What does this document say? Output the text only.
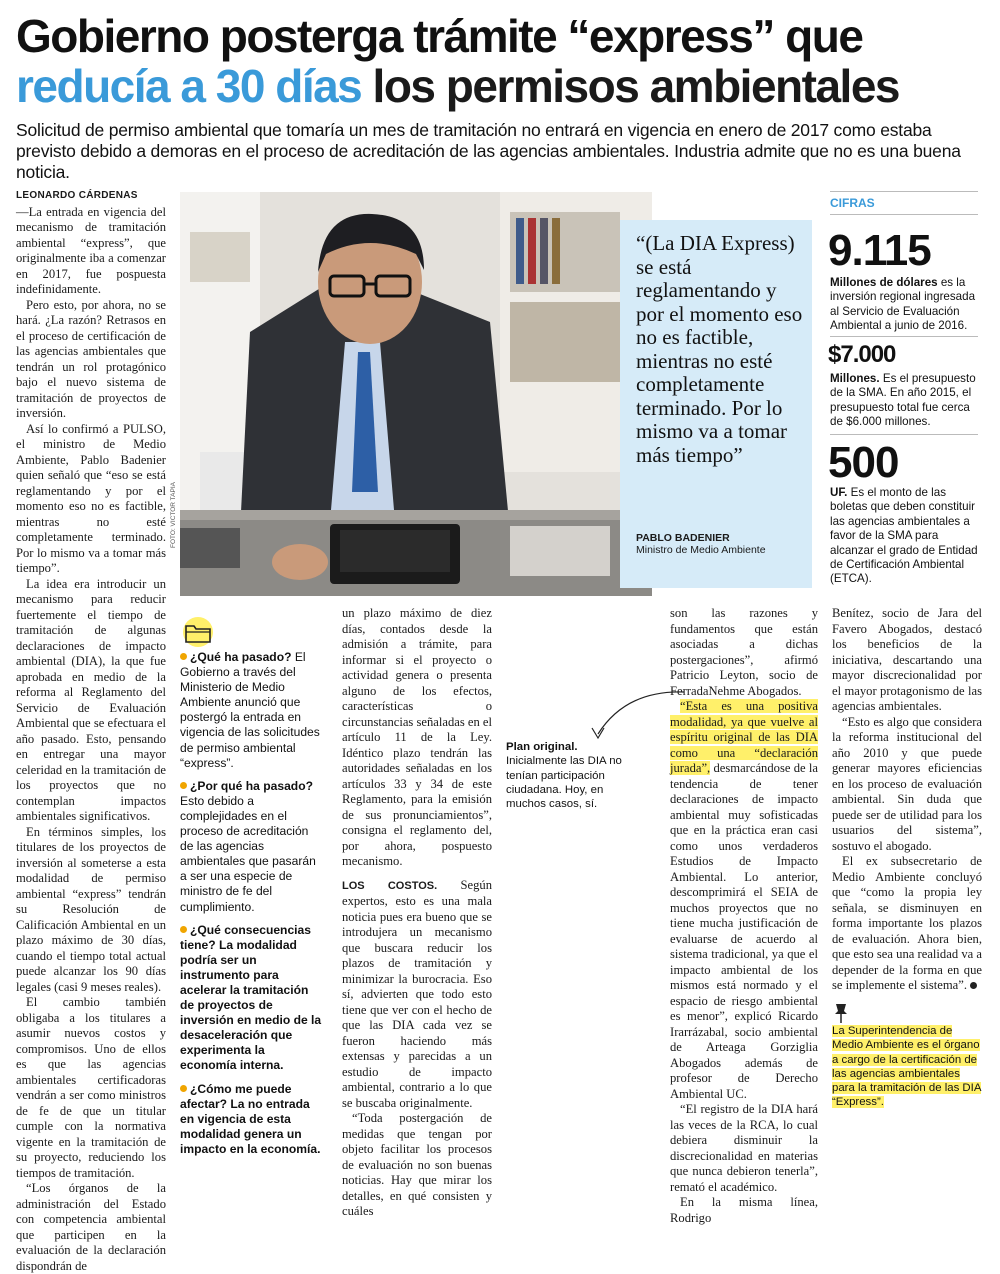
Gobierno posterga trámite “express” que
reducía a 30 días los permisos ambientales
Solicitud de permiso ambiental que tomaría un mes de tramitación no entrará en vigencia en enero de 2017 como estaba previsto debido a demoras en el proceso de acreditación de las agencias ambientales. Industria admite que no es una buena noticia.
LEONARDO CÁRDENAS

—La entrada en vigencia del mecanismo de tramitación ambiental “express”, que originalmente iba a comenzar en 2017, fue pospuesta indefinidamente.

Pero esto, por ahora, no se hará. ¿La razón? Retrasos en el proceso de certificación de las agencias ambientales que tendrán un rol protagónico bajo el nuevo sistema de tramitación de proyectos de inversión.

Así lo confirmó a PULSO, el ministro de Medio Ambiente, Pablo Badenier quien señaló que “eso se está reglamentando y por el momento eso no es factible, mientras no esté completamente terminado. Por lo mismo va a tomar más tiempo”.

La idea era introducir un mecanismo para reducir fuertemente el tiempo de tramitación de algunas declaraciones de impacto ambiental (DIA), la que fue aprobada en medio de la reforma al Reglamento del Servicio de Evaluación Ambiental que se efectuara el año pasado. Esto, pensando en entregar una mayor celeridad en la tramitación de los proyectos que no contemplan impactos ambientales significativos.

En términos simples, los titulares de los proyectos de inversión al someterse a esta modalidad de permiso ambiental “express” tendrán su Resolución de Calificación Ambiental en un plazo máximo de 30 días, cuando el tiempo total actual puede alcanzar los 90 días legales (casi 9 meses reales).

El cambio también obligaba a los titulares a asumir nuevos costos y compromisos. Uno de ellos es que las agencias ambientales certificadoras vendrán a ser como ministros de fe de que un titular cumple con la normativa vigente en la tramitación de su proyecto, reduciendo los tiempos de tramitación.

“Los órganos de la administración del Estado con competencia ambiental que participen en la evaluación de la declaración dispondrán de

FOTO: VICTOR TAPIA
“(La DIA Express) se está reglamentando y por el momento eso no es factible, mientras no esté completamente terminado. Por lo mismo va a tomar más tiempo”
PABLO BADENIER
Ministro de Medio Ambiente
CIFRAS
9.115
Millones de dólares es la inversión regional ingresada al Servicio de Evaluación Ambiental a junio de 2016.
$7.000
Millones. Es el presupuesto de la SMA. En año 2015, el presupuesto total fue cerca de $6.000 millones.
500
UF. Es el monto de las boletas que deben constituir las agencias ambientales a favor de la SMA para alcanzar el grado de Entidad de Certificación Ambiental (ETCA).
¿Qué ha pasado? El Gobierno a través del Ministerio de Medio Ambiente anunció que postergó la entrada en vigencia de las solicitudes de permiso ambiental “express”.
¿Por qué ha pasado? Esto debido a complejidades en el proceso de acreditación de las agencias ambientales que pasarán a ser una especie de ministro de fe del cumplimiento.
¿Qué consecuencias tiene? La modalidad podría ser un instrumento para acelerar la tramitación de proyectos de inversión en medio de la desaceleración que experimenta la economía interna.
¿Cómo me puede afectar? La no entrada en vigencia de esta modalidad genera un impacto en la economía.

un plazo máximo de diez días, contados desde la admisión a trámite, para informar si el proyecto o actividad genera o presenta alguno de los efectos, características o circunstancias señaladas en el artículo 11 de la Ley. Idéntico plazo tendrán las autoridades señaladas en los artículos 33 y 34 de este Reglamento, para la emisión de sus pronunciamientos”, consigna el reglamento del, por ahora, pospuesto mecanismo.

LOS COSTOS. Según expertos, esto es una mala noticia pues era bueno que se introdujera un mecanismo que buscara reducir los plazos de tramitación y minimizar la burocracia. Eso sí, advierten que todo esto tiene que ver con el hecho de que las DIA cada vez se fueron haciendo más extensas y parecidas a un estudio de impacto ambiental, contrario a lo que se buscaba originalmente.

“Toda postergación de medidas que tengan por objeto facilitar los procesos de evaluación no son buenas noticias. Hay que mirar los detalles, en qué consisten y cuáles

Plan original. Inicialmente las DIA no tenían participación ciudadana. Hoy, en muchos casos, sí.

son las razones y fundamentos que están asociadas a dichas postergaciones”, afirmó Patricio Leyton, socio de FerradaNehme Abogados.

“Esta es una positiva modalidad, ya que vuelve al espíritu original de las DIA como una “declaración jurada”, desmarcándose de la tendencia de tener declaraciones de impacto ambiental muy sofisticadas que en la práctica eran casi como unos verdaderos Estudios de Impacto Ambiental. Lo anterior, descomprimirá el SEIA de muchos proyectos que no tiene mucha justificación de evaluarse de acuerdo al sistema tradicional, ya que el impacto ambiental de los mismos está normado y el espacio de riesgo ambiental es menor”, explicó Ricardo Irarrázabal, socio ambiental de Arteaga Gorziglia Abogados además de profesor de Derecho Ambiental UC.

“El registro de la DIA hará las veces de la RCA, lo cual debiera disminuir la discrecionalidad en materias que nunca debieron tenerla”, remató el académico.

En la misma línea, Rodrigo

Benítez, socio de Jara del Favero Abogados, destacó los beneficios de la iniciativa, descartando una mayor discrecionalidad por el mayor protagonismo de las agencias ambientales.

“Esto es algo que considera la reforma institucional del año 2010 y que puede generar mayores eficiencias en los proceso de evaluación ambiental. Sin duda que puede ser de utilidad para los usuarios del sistema”, sostuvo el abogado.

El ex subsecretario de Medio Ambiente concluyó que “como la propia ley señala, se disminuyen en forma importante los plazos de evaluación. Ahora bien, que esto sea una realidad va a depender de la forma en que se implemente el sistema”.

La Superintendencia de Medio Ambiente es el órgano a cargo de la certificación de las agencias ambientales para la tramitación de las DIA “Express”.
